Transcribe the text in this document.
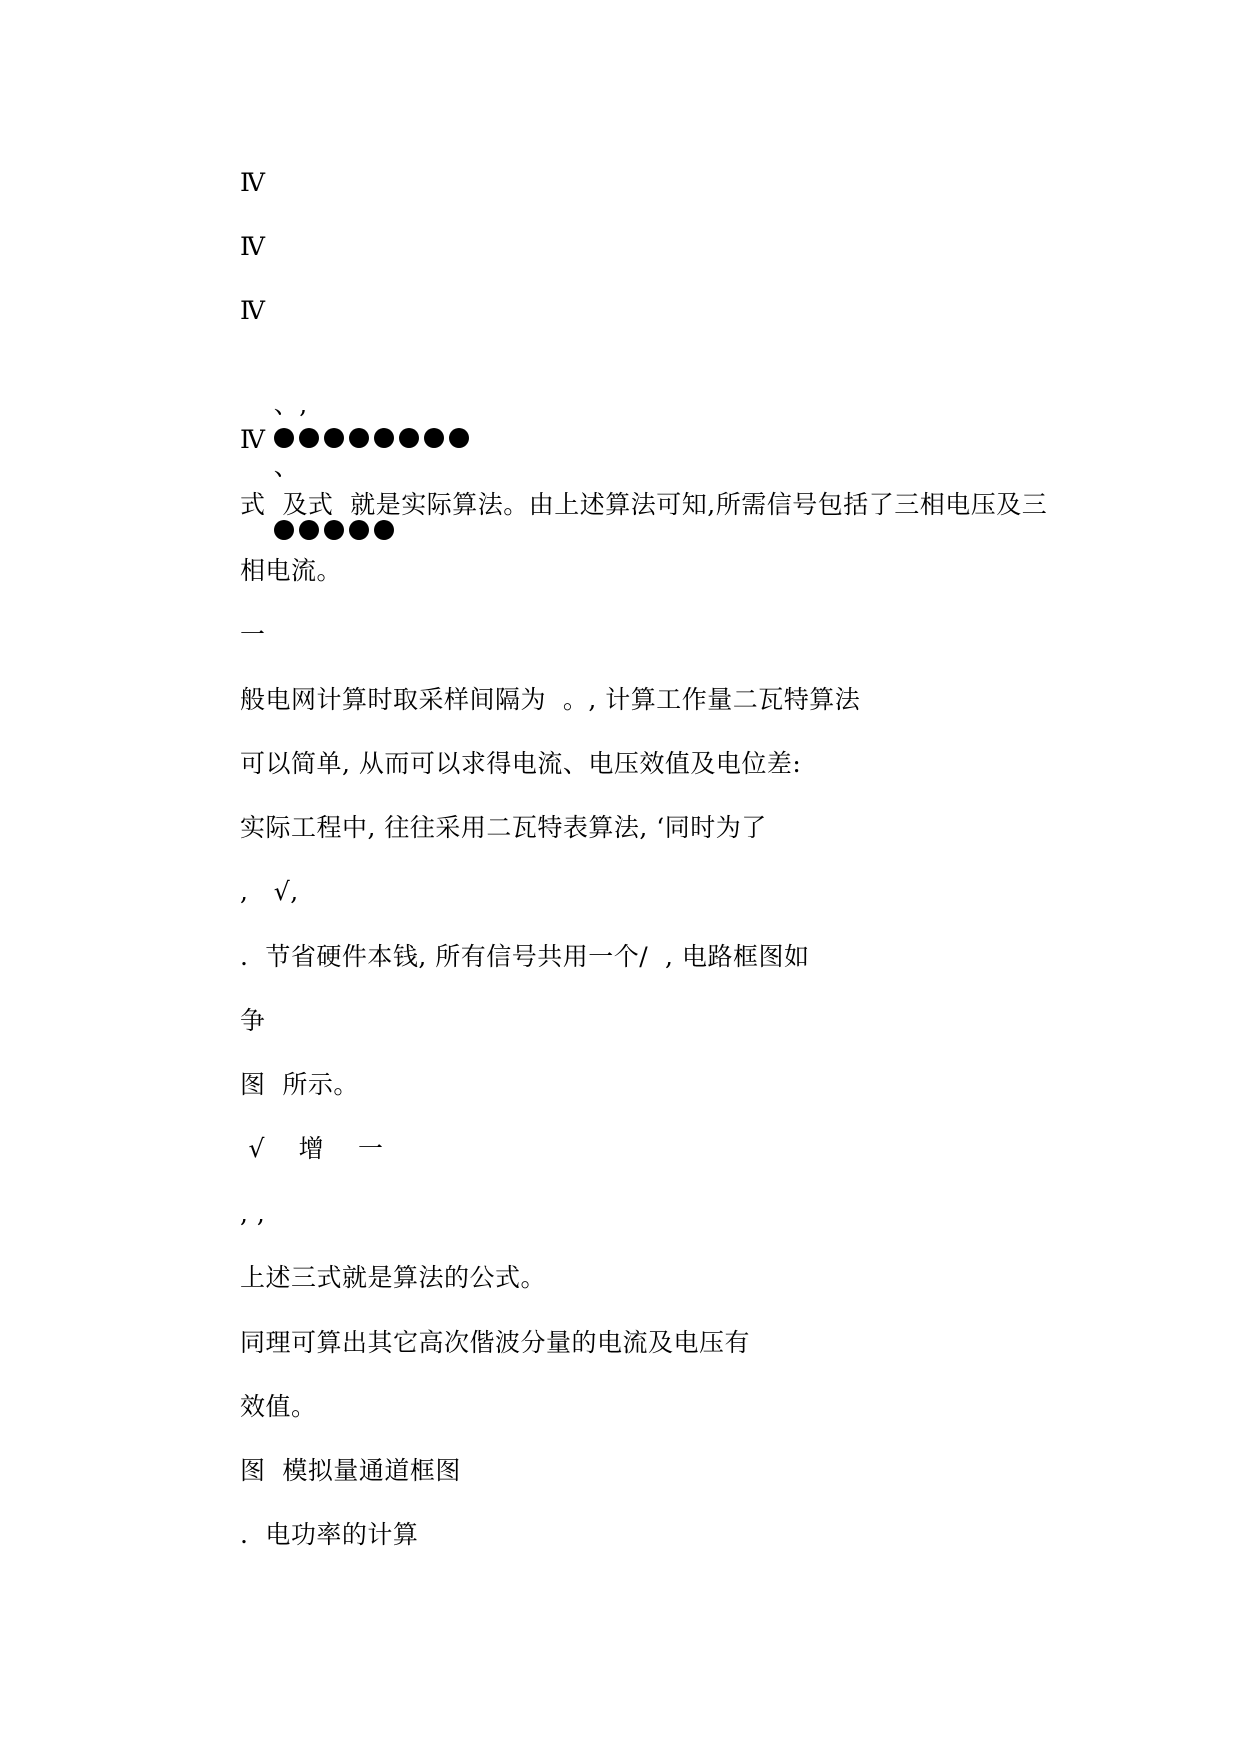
Ⅳ

Ⅳ

Ⅳ

、,

、

Ⅳ

式  及式  就是实际算法。由上述算法可知,所需信号包括了三相电压及三

相电流。

一

般电网计算时取采样间隔为  。, 计算工作量二瓦特算法

可以简单, 从而可以求得电流、电压效值及电位差:

实际工程中, 往往采用二瓦特表算法, ‘同时为了

,   √,

.  节省硬件本钱, 所有信号共用一个/  , 电路框图如

争

图  所示。

√    增    一

, ,

上述三式就是算法的公式。

同理可算出其它高次偕波分量的电流及电压有

效值。

图  模拟量通道框图

.  电功率的计算
